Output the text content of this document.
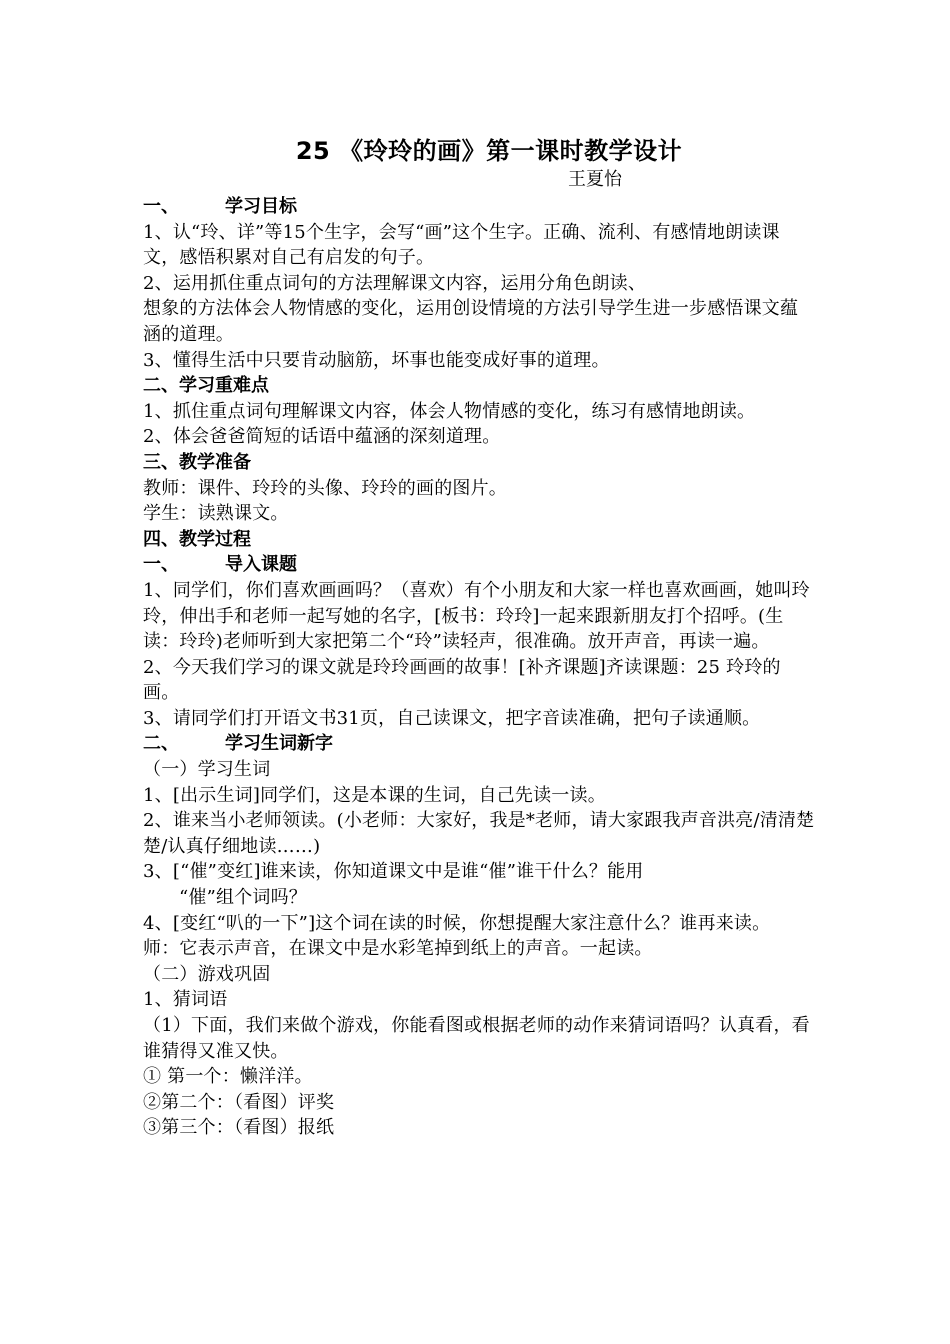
25 《玲玲的画》第一课时教学设计

王夏怡

一、	学习目标

1、认“玲、详”等15个生字，会写“画”这个生字。正确、流利、有感情地朗读课文，感悟积累对自己有启发的句子。

2、运用抓住重点词句的方法理解课文内容，运用分角色朗读、

想象的方法体会人物情感的变化，运用创设情境的方法引导学生进一步感悟课文蕴涵的道理。

3、懂得生活中只要肯动脑筋，坏事也能变成好事的道理。

二、学习重难点

1、抓住重点词句理解课文内容，体会人物情感的变化，练习有感情地朗读。

2、体会爸爸简短的话语中蕴涵的深刻道理。

三、教学准备

教师：课件、玲玲的头像、玲玲的画的图片。

学生：读熟课文。

四、教学过程

一、	导入课题

1、同学们，你们喜欢画画吗？（喜欢）有个小朋友和大家一样也喜欢画画，她叫玲玲，伸出手和老师一起写她的名字，[板书：玲玲]一起来跟新朋友打个招呼。(生读：玲玲)老师听到大家把第二个“玲”读轻声，很准确。放开声音，再读一遍。

2、今天我们学习的课文就是玲玲画画的故事！[补齐课题]齐读课题：25 玲玲的画。

3、请同学们打开语文书31页，自己读课文，把字音读准确，把句子读通顺。

二、	学习生词新字

（一）学习生词

1、[出示生词]同学们，这是本课的生词，自己先读一读。

2、谁来当小老师领读。(小老师：大家好，我是*老师，请大家跟我声音洪亮/清清楚楚/认真仔细地读……)

3、[“催”变红]谁来读，你知道课文中是谁“催”谁干什么？能用

“催”组个词吗？

4、[变红“叭的一下”]这个词在读的时候，你想提醒大家注意什么？谁再来读。

师：它表示声音，在课文中是水彩笔掉到纸上的声音。一起读。

（二）游戏巩固

1、猜词语

（1）下面，我们来做个游戏，你能看图或根据老师的动作来猜词语吗？认真看，看谁猜得又准又快。

① 第一个：懒洋洋。

②第二个：（看图）评奖

③第三个：（看图）报纸
